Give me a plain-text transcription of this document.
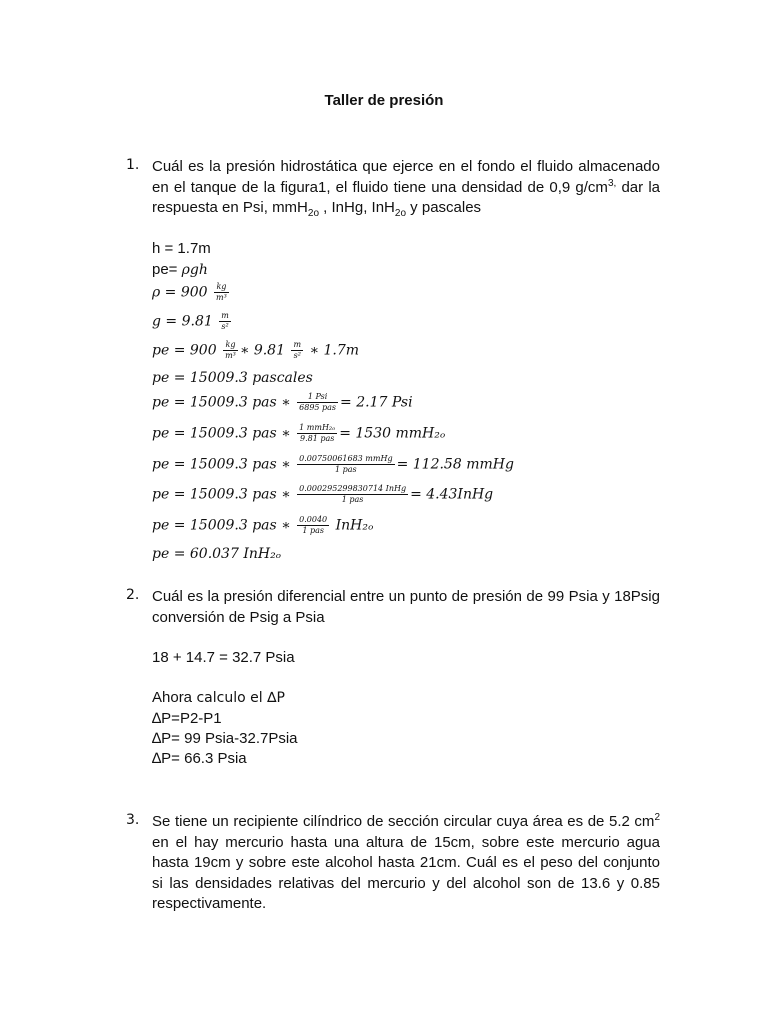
Taller de presión
1. Cuál es la presión hidrostática que ejerce en el fondo el fluido almacenado
en el tanque de la figura1, el fluido tiene una densidad de 0,9 $g/cm^{3,}$ dar la
respuesta en Psi, mmH$_{2o}$ , InHg, InH$_{2o}$ y pascales
h = 1.7m
pe= ρgh
$\rho = 900 \frac{kg}{\text{m³}}$
$g = 9.81 \frac{m}{\text{s²}}$
pe = $900 \frac{kg}{\text{m³}}$ ∗ $9.81 \frac{m}{\text{s²}}$ ∗ 1.7m
pe = 15009.3 pascales
pe = 15009.3 pas ∗ $\frac{\text{1 Psi}}{\text{6895 pas}} = 2.17$ Psi
pe = 15009.3 pas ∗ $\frac{\text{1 mmH₂ₒ}}{\text{9.81 pas}} = 1530$ mmH₂ₒ
pe = 15009.3 pas ∗ $\frac{\text{0.00750061683 mmHg}}{\text{1 pas}} = 112.58$ mmHg
pe = 15009.3 pas ∗ $\frac{\text{0.000295299830714 InHg}}{\text{1 pas}}$ = 4.43InHg
pe = 15009.3 pas ∗ $\frac{0.0040}{\text{1 pas}} InH_{2o}$
pe = 60.037 InH₂ₒ
2. Cuál es la presión diferencial entre un punto de presión de 99 Psia y 18Psig
conversión de Psig a Psia
18 + 14.7 = 32.7 Psia
Ahora calculo el ∆P
∆P=P2-P1
∆P= 99 Psia-32.7Psia
∆P= 66.3 Psia
3. Se tiene un recipiente cilíndrico de sección circular cuya área es de 5.2 $cm^2$
en el hay mercurio hasta una altura de 15cm, sobre este mercurio agua
hasta 19cm y sobre este alcohol hasta 21cm. Cuál es el peso del conjunto
si las densidades relativas del mercurio y del alcohol son de 13.6 y 0.85
respectivamente.
